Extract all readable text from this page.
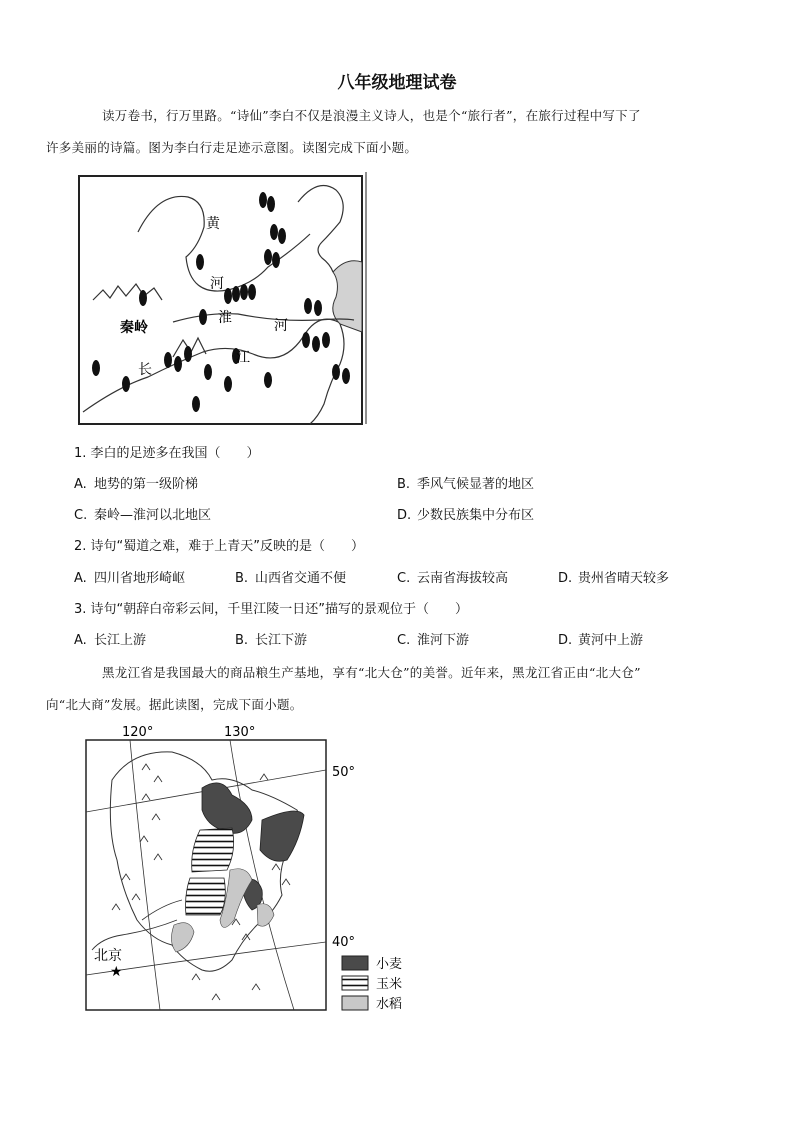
八年级地理试卷
读万卷书，行万里路。“诗仙”李白不仅是浪漫主义诗人，也是个“旅行者”，在旅行过程中写下了
许多美丽的诗篇。图为李白行走足迹示意图。读图完成下面小题。
黄
河
秦岭
淮	河
长
江
1. 李白的足迹多在我国（　　）
A. 地势的第一级阶梯	B. 季风气候显著的地区
C. 秦岭—淮河以北地区	D. 少数民族集中分布区
2. 诗句“蜀道之难，难于上青天”反映的是（　　）
A. 四川省地形崎岖	B. 山西省交通不便	C. 云南省海拔较高	D. 贵州省晴天较多
3. 诗句“朝辞白帝彩云间，千里江陵一日还”描写的景观位于（　　）
A. 长江上游	B. 长江下游	C. 淮河下游	D. 黄河中上游
黑龙江省是我国最大的商品粮生产基地，享有“北大仓”的美誉。近年来，黑龙江省正由“北大仓”
向“北大商”发展。据此读图，完成下面小题。
120°	130°
50°
40°
北京
★	小麦
玉米
水稻
